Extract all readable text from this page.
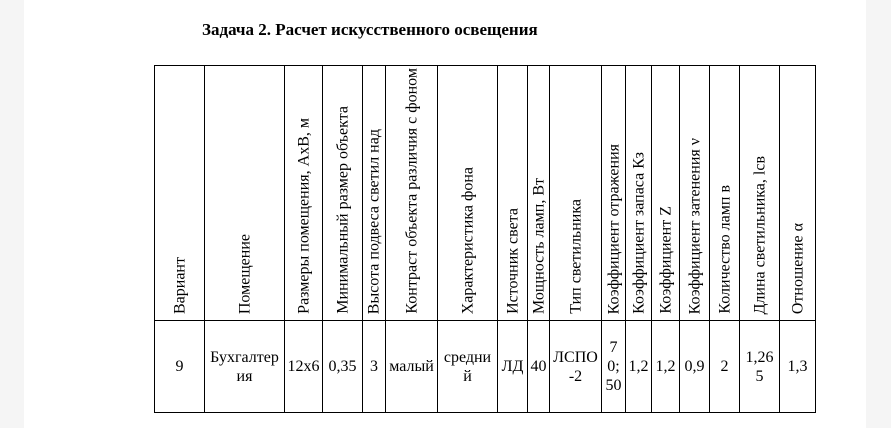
Задача 2. Расчет искусственного освещения
Вариант	Помещение	Размеры помещения, АхВ, м	Минимальный размер объекта	Высота подвеса светил над	Контраст объекта различия с фоном	Характеристика фона	Источник света	Мощность ламп, Вт	Тип светильника	Коэффициент отражения	Коэффициент запаса Кз	Коэффициент Z	Коэффициент затенения ν	Количество ламп в	Длина светильника, lсв	Отношение α

9	Бухгалтерия	12х6	0,35	3	малый	средний	ЛД	40	ЛСПО-2	70;50	1,2	1,2	0,9	2	1,265	1,3
